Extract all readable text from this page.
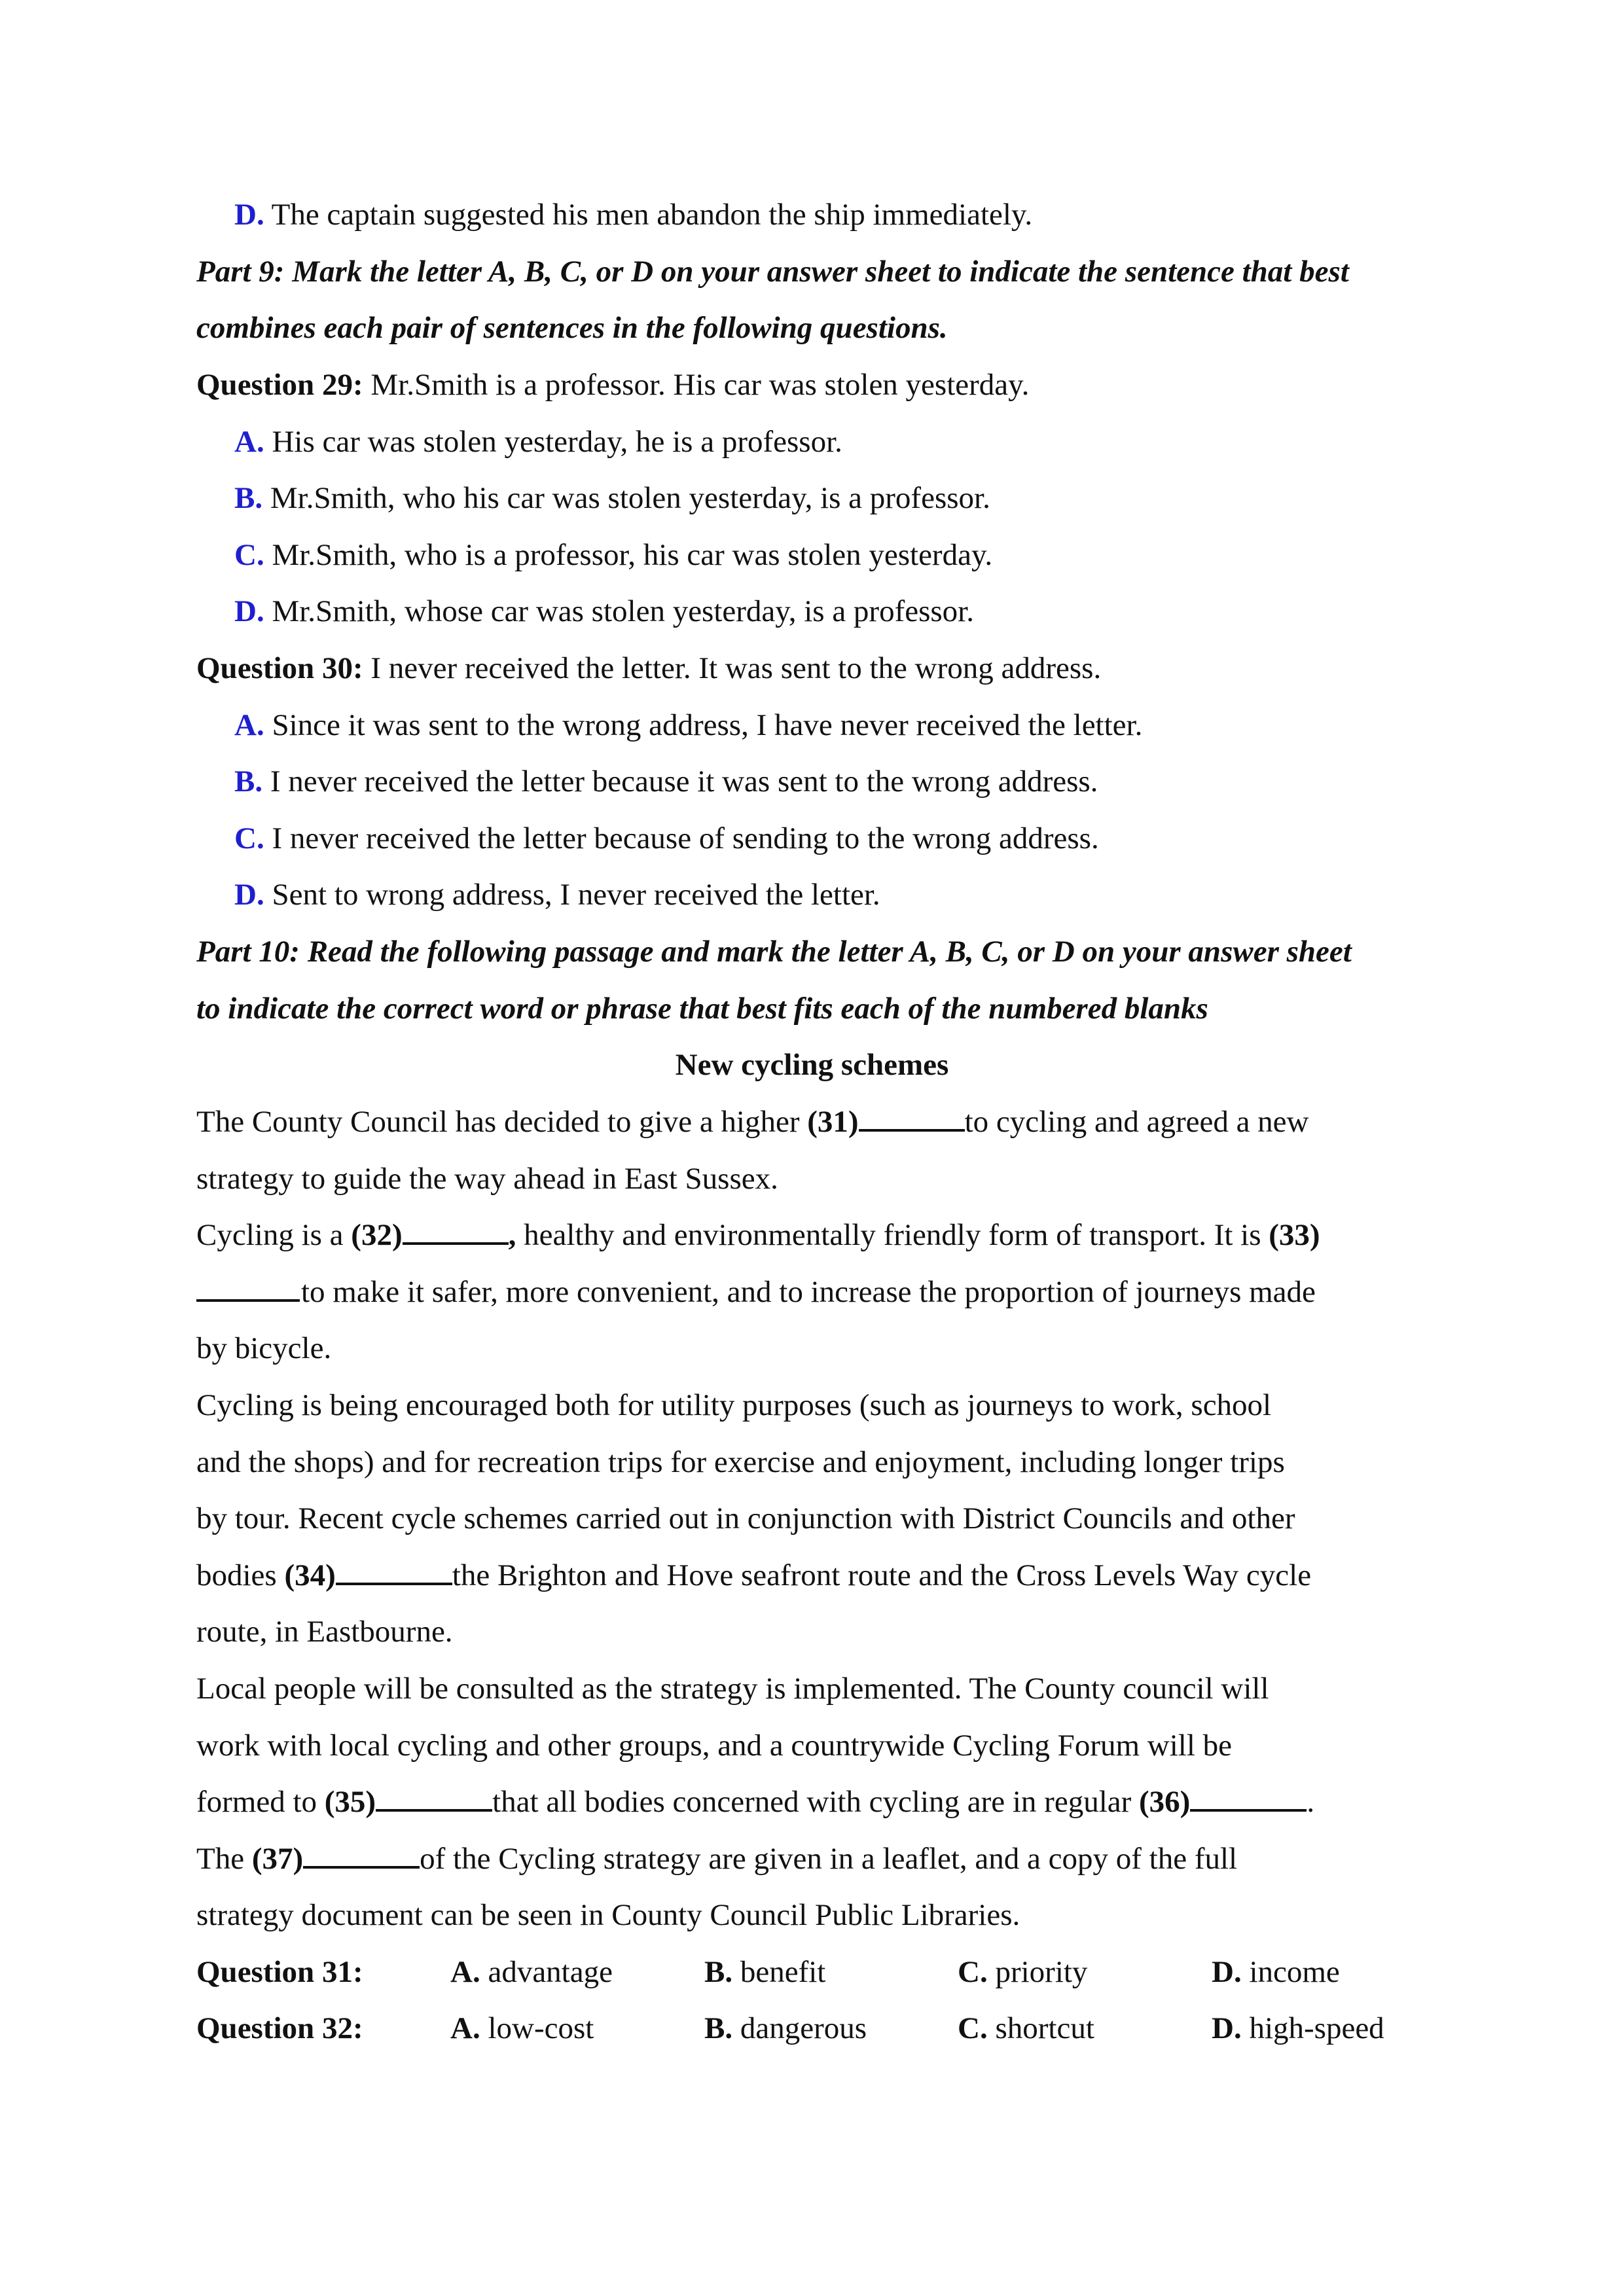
D. The captain suggested his men abandon the ship immediately.
Part 9: Mark the letter A, B, C, or D on your answer sheet to indicate the sentence that best
combines each pair of sentences in the following questions.
Question 29: Mr.Smith is a professor. His car was stolen yesterday.
A. His car was stolen yesterday, he is a professor.
B. Mr.Smith, who his car was stolen yesterday, is a professor.
C. Mr.Smith, who is a professor, his car was stolen yesterday.
D. Mr.Smith, whose car was stolen yesterday, is a professor.
Question 30: I never received the letter. It was sent to the wrong address.
A. Since it was sent to the wrong address, I have never received the letter.
B. I never received the letter because it was sent to the wrong address.
C. I never received the letter because of sending to the wrong address.
D. Sent to wrong address, I never received the letter.
Part 10: Read the following passage and mark the letter A, B, C, or D on your answer sheet
to indicate the correct word or phrase that best fits each of the numbered blanks
New cycling schemes
The County Council has decided to give a higher (31)	to cycling and agreed a new
strategy to guide the way ahead in East Sussex.
Cycling is a (32)	, healthy and environmentally friendly form of transport. It is (33)
to make it safer, more convenient, and to increase the proportion of journeys made
by bicycle.
Cycling is being encouraged both for utility purposes (such as journeys to work, school
and the shops) and for recreation trips for exercise and enjoyment, including longer trips
by tour. Recent cycle schemes carried out in conjunction with District Councils and other
bodies (34)	the Brighton and Hove seafront route and the Cross Levels Way cycle
route, in Eastbourne.
Local people will be consulted as the strategy is implemented. The County council will
work with local cycling and other groups, and a countrywide Cycling Forum will be
formed to (35)	that all bodies concerned with cycling are in regular (36)	.
The (37)	of the Cycling strategy are given in a leaflet, and a copy of the full
strategy document can be seen in County Council Public Libraries.
Question 31:	A. advantage	B. benefit	C. priority	D. income
Question 32:	A. low-cost	B. dangerous	C. shortcut	D. high-speed
